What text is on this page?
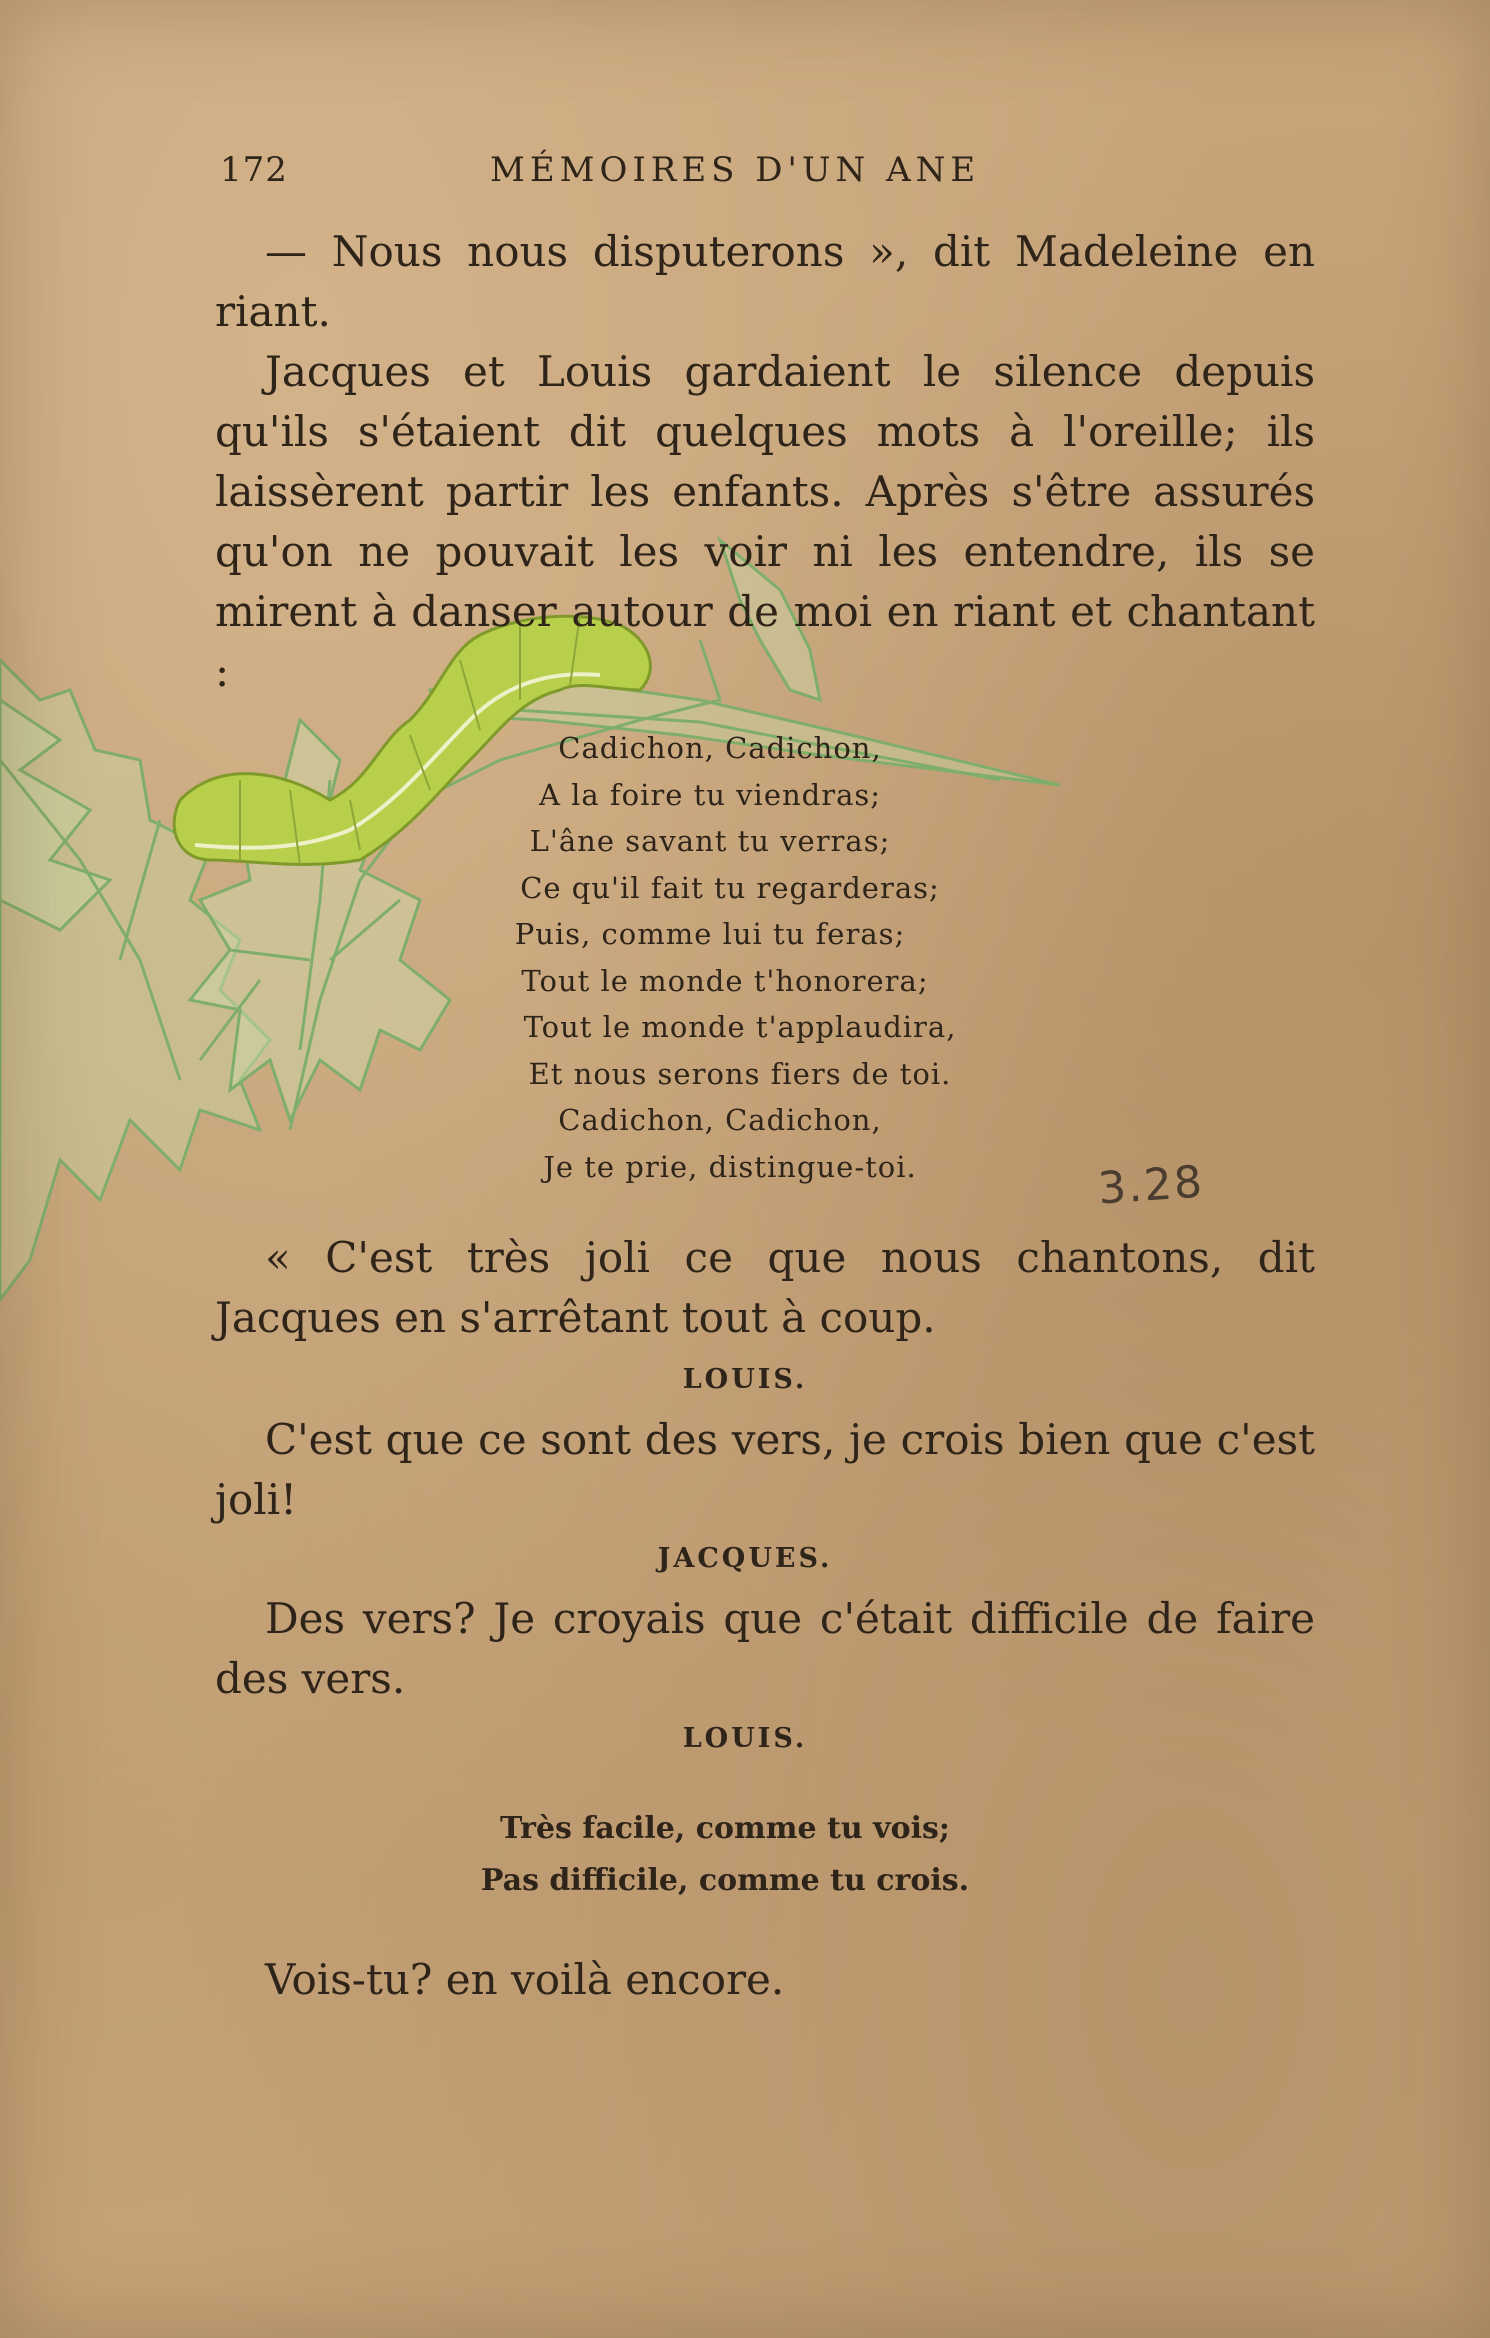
172	MÉMOIRES D'UN ANE

— Nous nous disputerons », dit Madeleine en riant.

Jacques et Louis gardaient le silence depuis qu'ils s'étaient dit quelques mots à l'oreille; ils laissèrent partir les enfants. Après s'être assurés qu'on ne pouvait les voir ni les entendre, ils se mirent à danser autour de moi en riant et chantant :

Cadichon, Cadichon,
A la foire tu viendras;
L'âne savant tu verras;
Ce qu'il fait tu regarderas;
Puis, comme lui tu feras;
Tout le monde t'honorera;
Tout le monde t'applaudira,
Et nous serons fiers de toi.
Cadichon, Cadichon,
Je te prie, distingue-toi.	3.28

« C'est très joli ce que nous chantons, dit Jacques en s'arrêtant tout à coup.

LOUIS.

C'est que ce sont des vers, je crois bien que c'est joli!

JACQUES.

Des vers? Je croyais que c'était difficile de faire des vers.

LOUIS.
Très facile, comme tu vois;
Pas difficile, comme tu crois.

Vois-tu? en voilà encore.
